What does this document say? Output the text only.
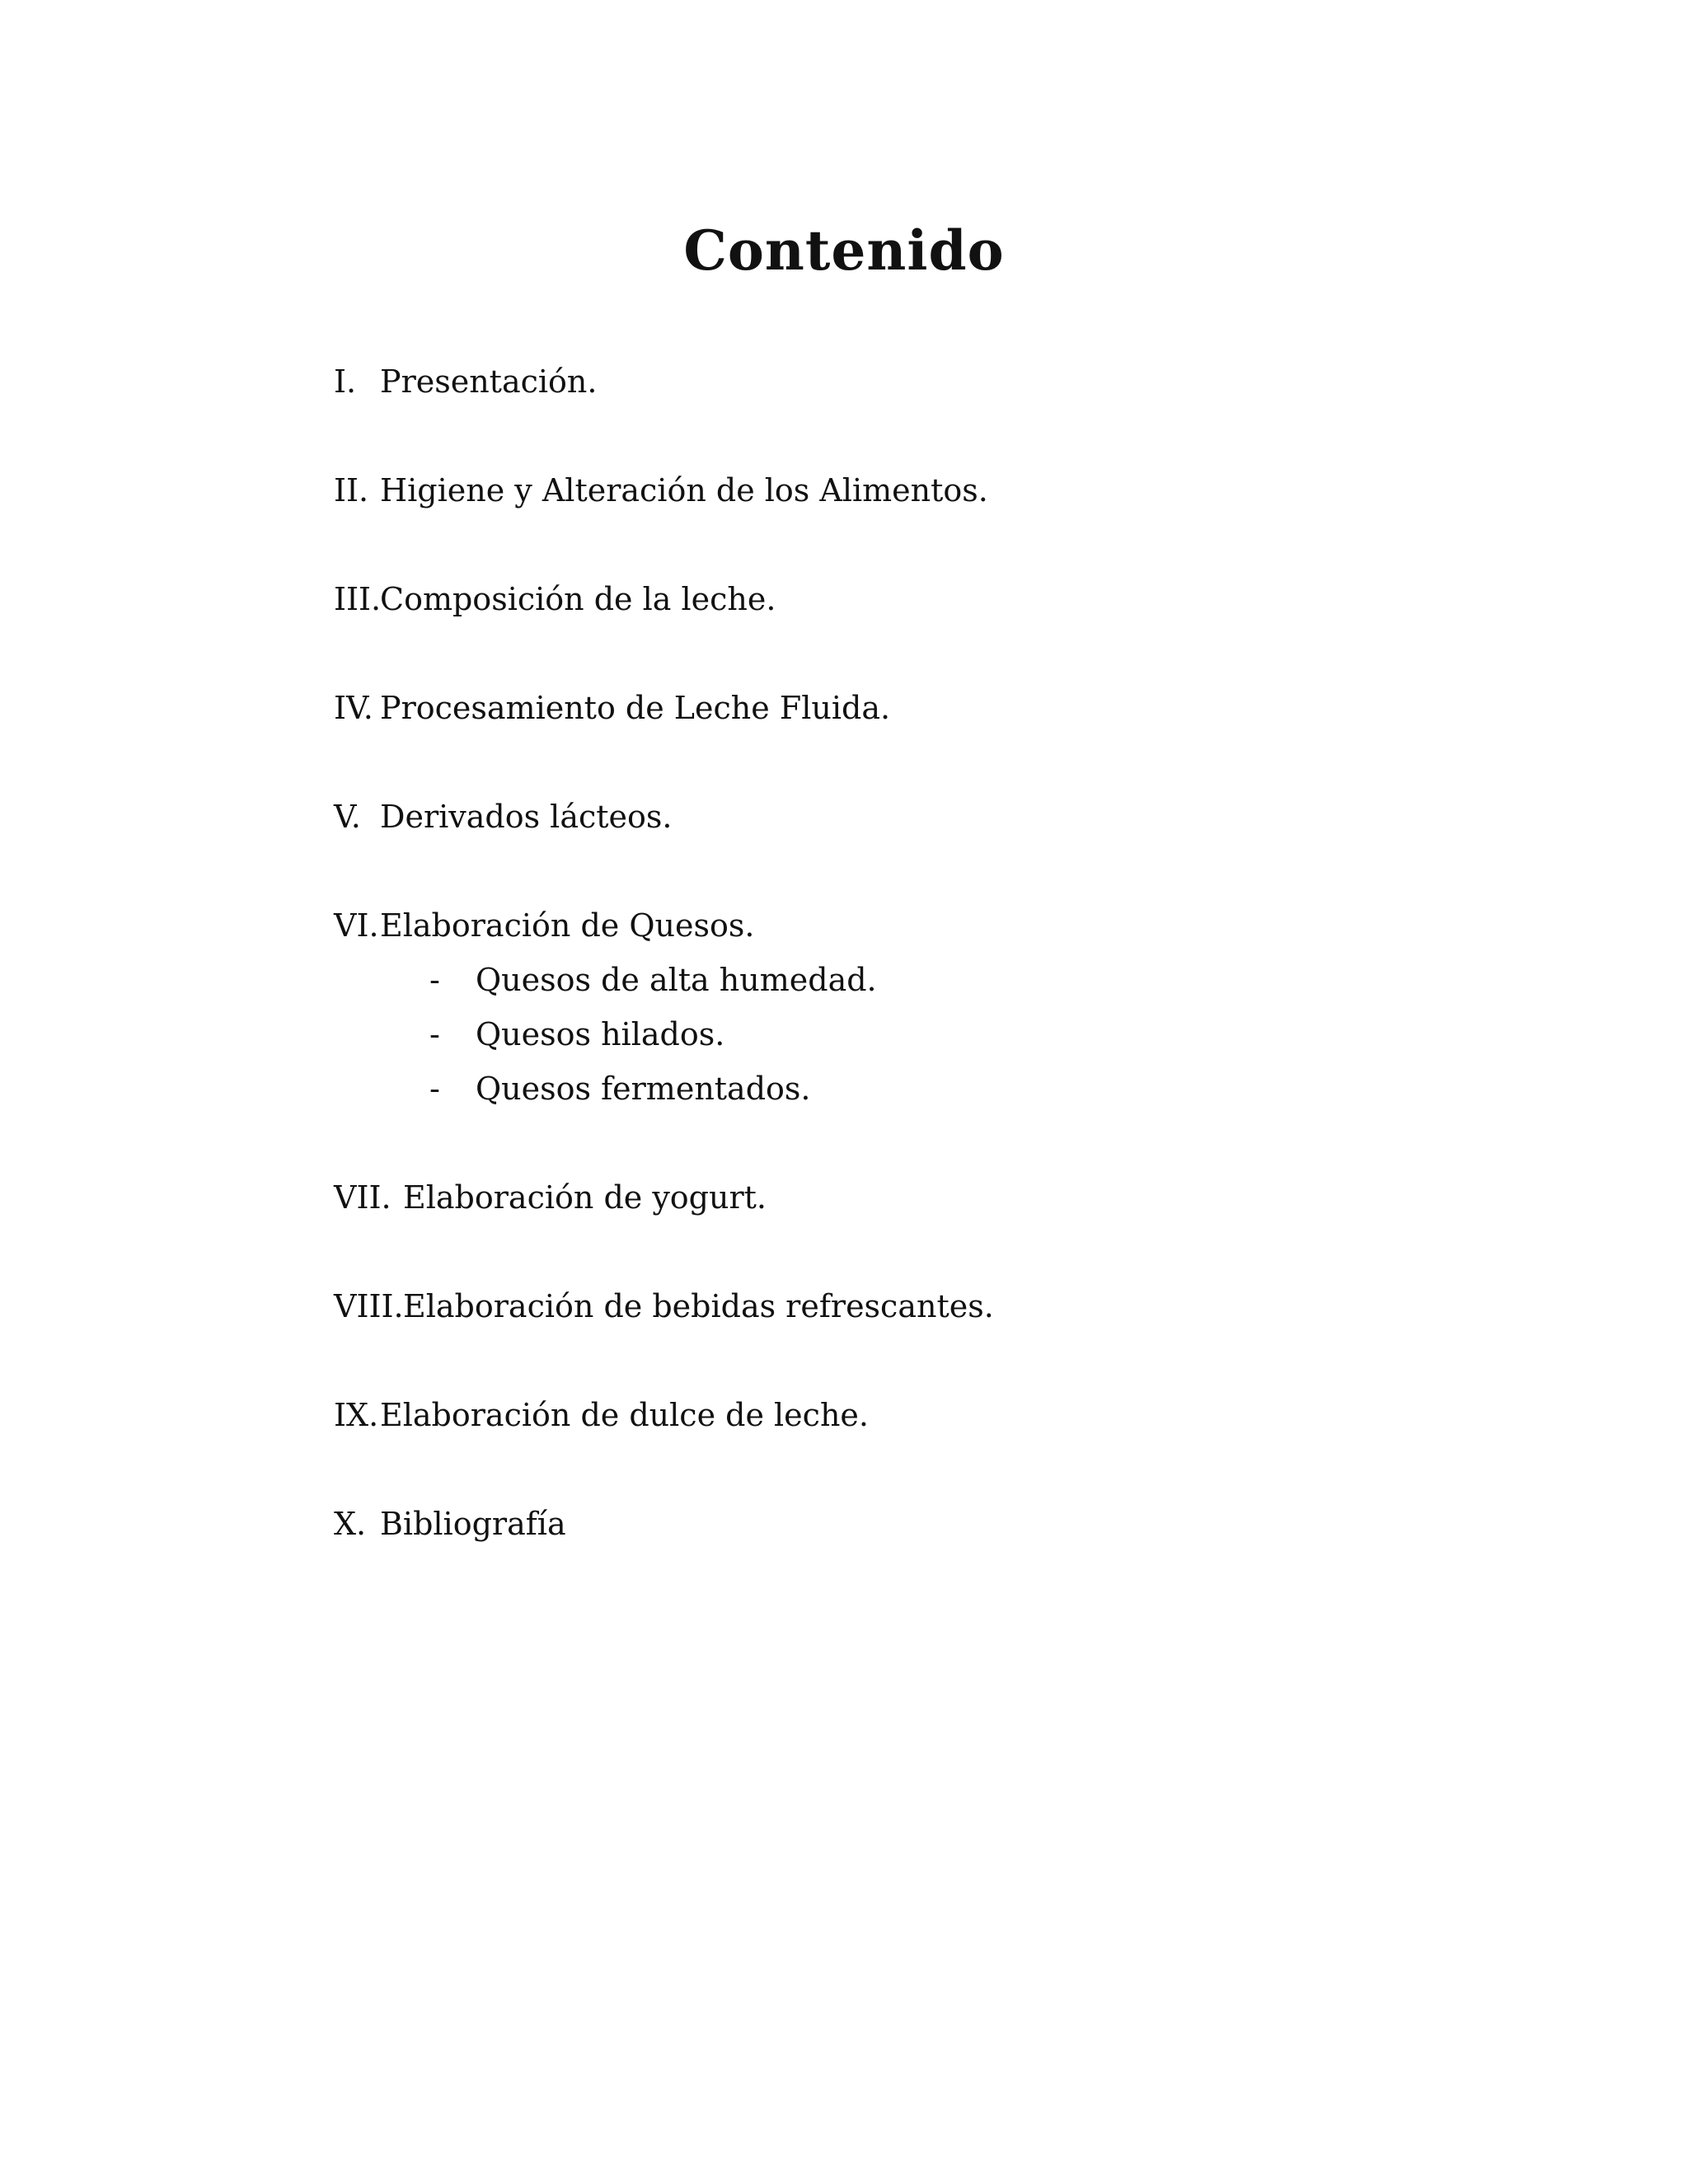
Contenido
I. Presentación.
II. Higiene y Alteración de los Alimentos.
III.
Composición de la leche.
IV. Procesamiento de Leche Fluida.
V. Derivados lácteos.
VI. Elaboración de Quesos.
- Quesos de alta humedad.
- Quesos hilados.
- Quesos fermentados.
VII. Elaboración de yogurt.
VIII. Elaboración de bebidas refrescantes.
IX. Elaboración de dulce de leche.
X. Bibliografía
